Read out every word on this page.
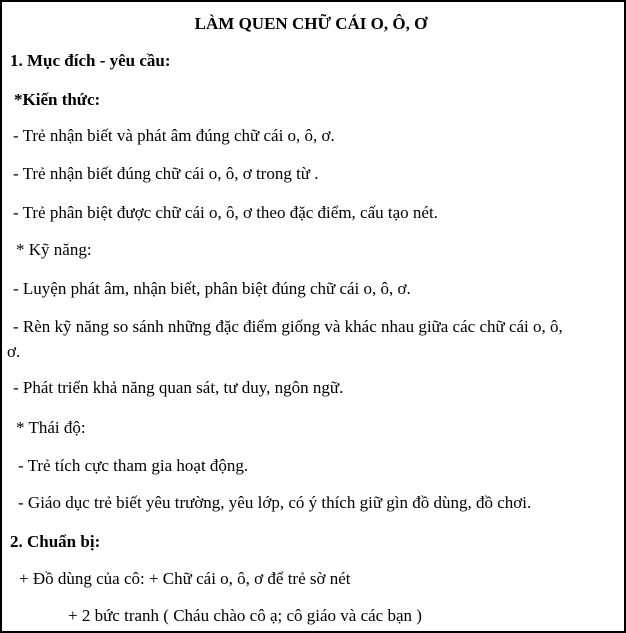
LÀM QUEN CHỮ CÁI O, Ô, Ơ
1. Mục đích - yêu cầu:
*Kiến thức:
- Trẻ nhận biết và phát âm đúng chữ cái o, ô, ơ.
- Trẻ nhận biết đúng chữ cái o, ô, ơ trong từ .
- Trẻ phân biệt được chữ cái o, ô, ơ theo đặc điểm, cấu tạo nét.
* Kỹ năng:
- Luyện phát âm, nhận biết, phân biệt đúng chữ cái o, ô, ơ.
- Rèn kỹ năng so sánh những đặc điểm giống và khác nhau giữa các chữ cái o, ô,
ơ.
- Phát triển khả năng quan sát, tư duy, ngôn ngữ.
* Thái độ:
- Trẻ tích cực tham gia hoạt động.
- Giáo dục trẻ biết yêu trường, yêu lớp, có ý thích giữ gìn đồ dùng, đồ chơi.
2. Chuẩn bị:
+ Đồ dùng của cô: + Chữ cái o, ô, ơ để trẻ sờ nét
+ 2 bức tranh ( Cháu chào cô ạ; cô giáo và các bạn )
